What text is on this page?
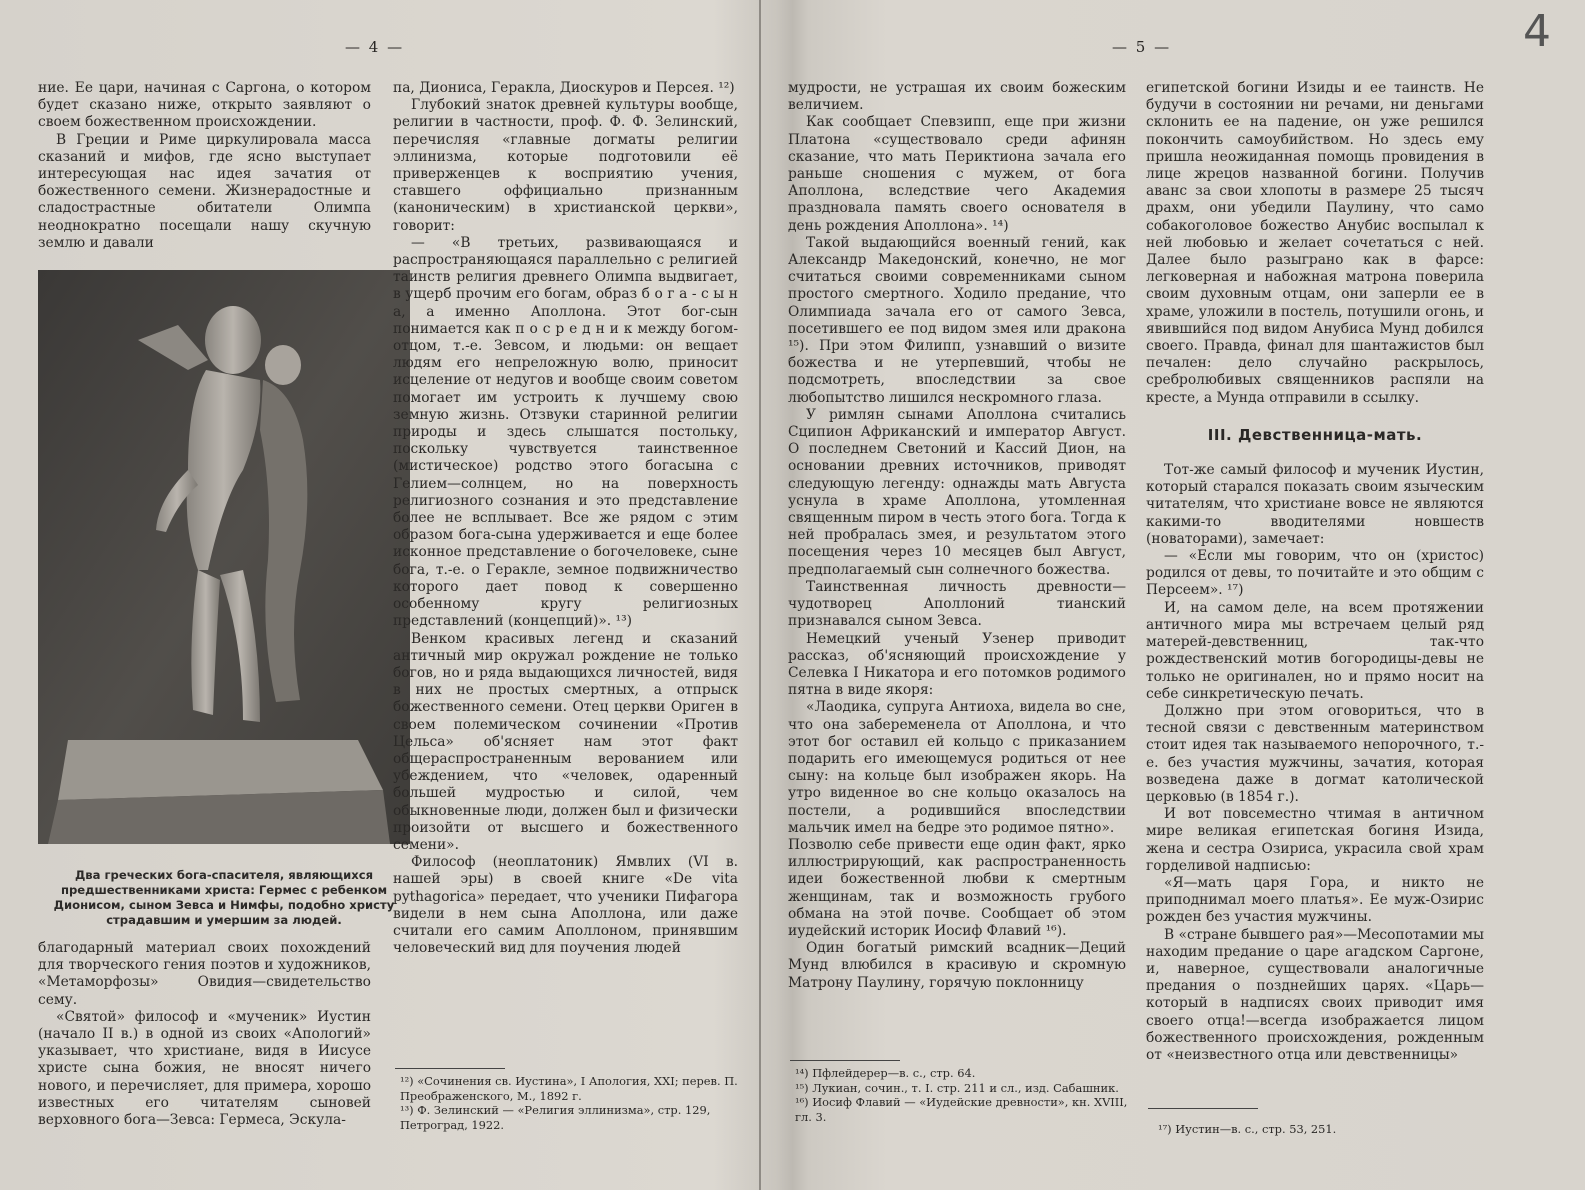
— 4 —	— 5 —	4

ние. Ее цари, начиная с Саргона, о котором будет сказано ниже, открыто заявляют о своем божественном происхождении.

В Греции и Риме циркулировала масса сказаний и мифов, где ясно выступает интересующая нас идея зачатия от божественного семени. Жизнерадостные и сладострастные обитатели Олимпа неоднократно посещали нашу скучную землю и давали

Два греческих бога-спасителя, являющихся предшественниками христа: Гермес с ребенком Дионисом, сыном Зевса и Нимфы, подобно христу страдавшим и умершим за людей.

благодарный материал своих похождений для творческого гения поэтов и художников, «Метаморфозы» Овидия—свидетельство сему.

«Святой» философ и «мученик» Иустин (начало II в.) в одной из своих «Апологий» указывает, что христиане, видя в Иисусе христе сына божия, не вносят ничего нового, и перечисляет, для примера, хорошо известных его читателям сыновей верховного бога—Зевса: Гермеса, Эскула-

па, Диониса, Геракла, Диоскуров и Персея. ¹²)

Глубокий знаток древней культуры вообще, религии в частности, проф. Ф. Ф. Зелинский, перечисляя «главные догматы религии эллинизма, которые подготовили её приверженцев к восприятию учения, ставшего оффициально признанным (каноническим) в христианской церкви», говорит:

— «В третьих, развивающаяся и распространяющаяся параллельно с религией таинств религия древнего Олимпа выдвигает, в ущерб прочим его богам, образ б о г а - с ы н а, а именно Аполлона. Этот бог-сын понимается как п о с р е д н и к между богом-отцом, т.-е. Зевсом, и людьми: он вещает людям его непреложную волю, приносит исцеление от недугов и вообще своим советом помогает им устроить к лучшему свою земную жизнь. Отзвуки старинной религии природы и здесь слышатся постольку, поскольку чувствуется таинственное (мистическое) родство этого богасына с Гелием—солнцем, но на поверхность религиозного сознания и это представление более не всплывает. Все же рядом с этим образом бога-сына удерживается и еще более исконное представление о богочеловеке, сыне бога, т.-е. о Геракле, земное подвижничество которого дает повод к совершенно особенному кругу религиозных представлений (концепций)». ¹³)

Венком красивых легенд и сказаний античный мир окружал рождение не только богов, но и ряда выдающихся личностей, видя в них не простых смертных, а отпрыск божественного семени. Отец церкви Ориген в своем полемическом сочинении «Против Цельса» об'ясняет нам этот факт общераспространенным верованием или убеждением, что «человек, одаренный большей мудростью и силой, чем обыкновенные люди, должен был и физически произойти от высшего и божественного семени».

Философ (неоплатоник) Ямвлих (VI в. нашей эры) в своей книге «De vita pythagorica» передает, что ученики Пифагора видели в нем сына Аполлона, или даже считали его самим Аполлоном, принявшим человеческий вид для поучения людей

¹²) «Сочинения св. Иустина», I Апология, XXI; перев. П. Преображенского, М., 1892 г.
¹³) Ф. Зелинский — «Религия эллинизма», стр. 129, Петроград, 1922.

мудрости, не устрашая их своим божеским величием.

Как сообщает Спевзипп, еще при жизни Платона «существовало среди афинян сказание, что мать Периктиона зачала его раньше сношения с мужем, от бога Аполлона, вследствие чего Академия праздновала память своего основателя в день рождения Аполлона». ¹⁴)

Такой выдающийся военный гений, как Александр Македонский, конечно, не мог считаться своими современниками сыном простого смертного. Ходило предание, что Олимпиада зачала его от самого Зевса, посетившего ее под видом змея или дракона ¹⁵). При этом Филипп, узнавший о визите божества и не утерпевший, чтобы не подсмотреть, впоследствии за свое любопытство лишился нескромного глаза.

У римлян сынами Аполлона считались Сципион Африканский и император Август. О последнем Светоний и Кассий Дион, на основании древних источников, приводят следующую легенду: однажды мать Августа уснула в храме Аполлона, утомленная священным пиром в честь этого бога. Тогда к ней пробралась змея, и результатом этого посещения через 10 месяцев был Август, предполагаемый сын солнечного божества.

Таинственная личность древности—чудотворец Аполлоний тианский признавался сыном Зевса.

Немецкий ученый Узенер приводит рассказ, об'ясняющий происхождение у Селевка I Никатора и его потомков родимого пятна в виде якоря:

«Лаодика, супруга Антиоха, видела во сне, что она забеременела от Аполлона, и что этот бог оставил ей кольцо с приказанием подарить его имеющемуся родиться от нее сыну: на кольце был изображен якорь. На утро виденное во сне кольцо оказалось на постели, а родившийся впоследствии мальчик имел на бедре это родимое пятно».

Позволю себе привести еще один факт, ярко иллюстрирующий, как распространенность идеи божественной любви к смертным женщинам, так и возможность грубого обмана на этой почве. Сообщает об этом иудейский историк Иосиф Флавий ¹⁶).

Один богатый римский всадник—Деций Мунд влюбился в красивую и скромную Матрону Паулину, горячую поклонницу

¹⁴) Пфлейдерер—в. с., стр. 64.
¹⁵) Лукиан, сочин., т. I. стр. 211 и сл., изд. Сабашник.
¹⁶) Иосиф Флавий — «Иудейские древности», кн. XVIII, гл. 3.

египетской богини Изиды и ее таинств. Не будучи в состоянии ни речами, ни деньгами склонить ее на падение, он уже решился покончить самоубийством. Но здесь ему пришла неожиданная помощь провидения в лице жрецов названной богини. Получив аванс за свои хлопоты в размере 25 тысяч драхм, они убедили Паулину, что само собакоголовое божество Анубис воспылал к ней любовью и желает сочетаться с ней. Далее было разыграно как в фарсе: легковерная и набожная матрона поверила своим духовным отцам, они заперли ее в храме, уложили в постель, потушили огонь, и явившийся под видом Анубиса Мунд добился своего. Правда, финал для шантажистов был печален: дело случайно раскрылось, сребролюбивых священников распяли на кресте, а Мунда отправили в ссылку.

III. Девственница-мать.

Тот-же самый философ и мученик Иустин, который старался показать своим языческим читателям, что христиане вовсе не являются какими-то вводителями новшеств (новаторами), замечает:

— «Если мы говорим, что он (христос) родился от девы, то почитайте и это общим с Персеем». ¹⁷)

И, на самом деле, на всем протяжении античного мира мы встречаем целый ряд матерей-девственниц, так-что рождественский мотив богородицы-девы не только не оригинален, но и прямо носит на себе синкретическую печать.

Должно при этом оговориться, что в тесной связи с девственным материнством стоит идея так называемого непорочного, т.-е. без участия мужчины, зачатия, которая возведена даже в догмат католической церковью (в 1854 г.).

И вот повсеместно чтимая в античном мире великая египетская богиня Изида, жена и сестра Озириса, украсила свой храм горделивой надписью:

«Я—мать царя Гора, и никто не приподнимал моего платья». Ее муж-Озирис рожден без участия мужчины.

В «стране бывшего рая»—Месопотамии мы находим предание о царе агадском Саргоне, и, наверное, существовали аналогичные предания о позднейших царях. «Царь—который в надписях своих приводит имя своего отца!—всегда изображается лицом божественного происхождения, рожденным от «неизвестного отца или девственницы»

¹⁷) Иустин—в. с., стр. 53, 251.
